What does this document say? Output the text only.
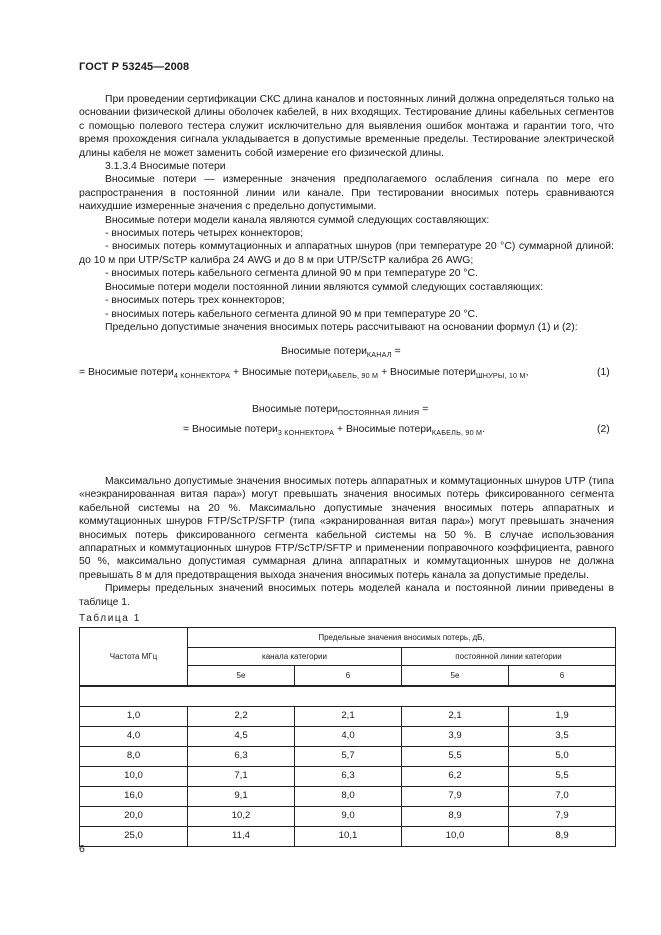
ГОСТ Р 53245—2008

При проведении сертификации СКС длина каналов и постоянных линий должна определяться только на основании физической длины оболочек кабелей, в них входящих. Тестирование длины кабельных сегментов с помощью полевого тестера служит исключительно для выявления ошибок монтажа и гарантии того, что время прохождения сигнала укладывается в допустимые временные пределы. Тестирование электрической длины кабеля не может заменить собой измерение его физической длины.

3.1.3.4 Вносимые потери

Вносимые потери — измеренные значения предполагаемого ослабления сигнала по мере его распространения в постоянной линии или канале. При тестировании вносимых потерь сравниваются наихудшие измеренные значения с предельно допустимыми.

Вносимые потери модели канала являются суммой следующих составляющих:

- вносимых потерь четырех коннекторов;

- вносимых потерь коммутационных и аппаратных шнуров (при температуре 20 °С) суммарной длиной: до 10 м при UTP/ScTP калибра 24 AWG и до 8 м при UTP/ScTP калибра 26 AWG;

- вносимых потерь кабельного сегмента длиной 90 м при температуре 20 °С.

Вносимые потери модели постоянной линии являются суммой следующих составляющих:

- вносимых потерь трех коннекторов;

- вносимых потерь кабельного сегмента длиной 90 м при температуре 20 °С.

Предельно допустимые значения вносимых потерь рассчитывают на основании формул (1) и (2):

Вносимые потери$_{КАНАЛ}$ =
= Вносимые потери$_{4 КОННЕКТОРА}$ + Вносимые потери$_{КАБЕЛЬ, 90 М}$ + Вносимые потери$_{ШНУРЫ, 10 М}$,	(1)
Вносимые потери$_{ПОСТОЯННАЯ ЛИНИЯ}$ =
= Вносимые потери$_{3 КОННЕКТОРА}$ + Вносимые потери$_{КАБЕЛЬ, 90 М}$.	(2)

Максимально допустимые значения вносимых потерь аппаратных и коммутационных шнуров UTP (типа «неэкранированная витая пара») могут превышать значения вносимых потерь фиксированного сегмента кабельной системы на 20 %. Максимально допустимые значения вносимых потерь аппаратных и коммутационных шнуров FTP/ScTP/SFTP (типа «экранированная витая пара») могут превышать значения вносимых потерь фиксированного сегмента кабельной системы на 50 %. В случае использования аппаратных и коммутационных шнуров FTP/ScTP/SFTP и применении поправочного коэффициента, равного 50 %, максимально допустимая суммарная длина аппаратных и коммутационных шнуров не должна превышать 8 м для предотвращения выхода значения вносимых потерь канала за допустимые пределы.

Примеры предельных значений вносимых потерь моделей канала и постоянной линии приведены в таблице 1.

Таблица 1
Частота МГц	Предельные значения вносимых потерь, дБ,			
	канала категории		постоянной линии категории	
	5е	6	5е	6

1,0	2,2	2,1	2,1	1,9
4,0	4,5	4,0	3,9	3,5
8,0	6,3	5,7	5,5	5,0
10,0	7,1	6,3	6,2	5,5
16,0	9,1	8,0	7,9	7,0
20,0	10,2	9,0	8,9	7,9
25,0	11,4	10,1	10,0	8,9
6
